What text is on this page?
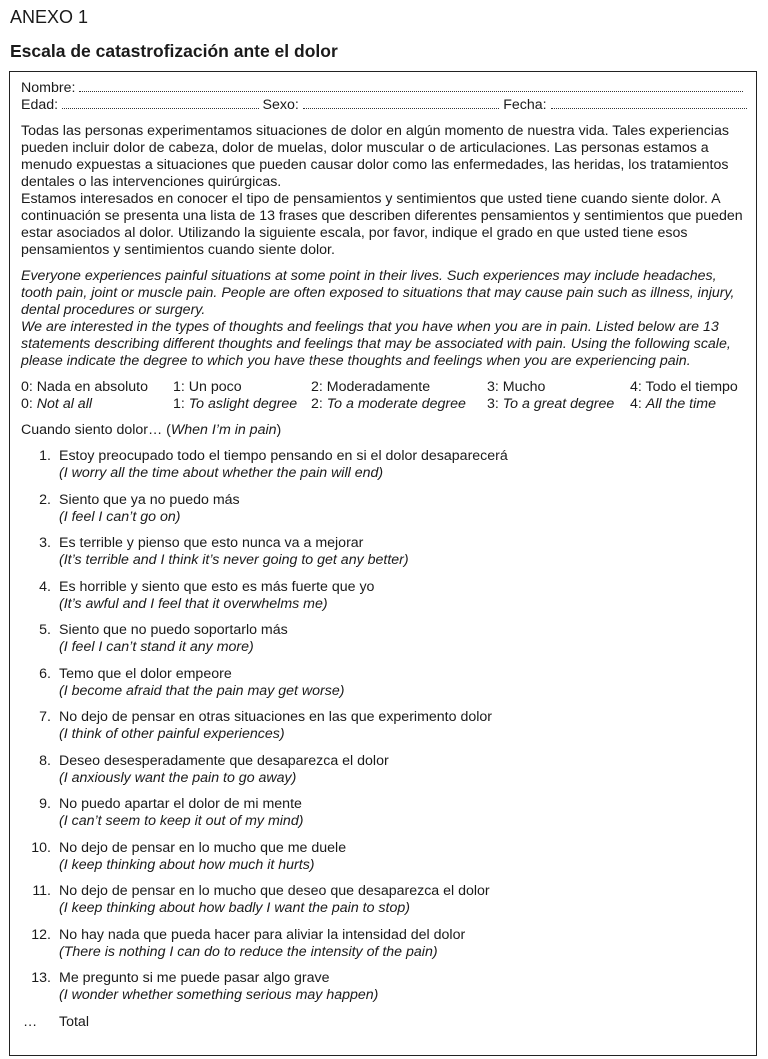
ANEXO 1
Escala de catastrofización ante el dolor
Nombre:
Edad:	Sexo:	Fecha:

Todas las personas experimentamos situaciones de dolor en algún momento de nuestra vida. Tales experiencias pueden incluir dolor de cabeza, dolor de muelas, dolor muscular o de articulaciones. Las personas estamos a menudo expuestas a situaciones que pueden causar dolor como las enfermedades, las heridas, los tratamientos dentales o las intervenciones quirúrgicas.

Estamos interesados en conocer el tipo de pensamientos y sentimientos que usted tiene cuando siente dolor. A continuación se presenta una lista de 13 frases que describen diferentes pensamientos y sentimientos que pueden estar asociados al dolor. Utilizando la siguiente escala, por favor, indique el grado en que usted tiene esos pensamientos y sentimientos cuando siente dolor.

Everyone experiences painful situations at some point in their lives. Such experiences may include headaches, tooth pain, joint or muscle pain. People are often exposed to situations that may cause pain such as illness, injury, dental procedures or surgery.

We are interested in the types of thoughts and feelings that you have when you are in pain. Listed below are 13 statements describing different thoughts and feelings that may be associated with pain. Using the following scale, please indicate the degree to which you have these thoughts and feelings when you are experiencing pain.

0: Nada en absoluto	1: Un poco	2: Moderadamente	3: Mucho	4: Todo el tiempo
0: Not al all	1: To aslight degree 2: To a moderate degree	3: To a great degree	4: All the time
Cuando siento dolor… (When I’m in pain)
1. Estoy preocupado todo el tiempo pensando en si el dolor desaparecerá
(I worry all the time about whether the pain will end)
2. Siento que ya no puedo más
(I feel I can’t go on)
3. Es terrible y pienso que esto nunca va a mejorar
(It’s terrible and I think it’s never going to get any better)
4. Es horrible y siento que esto es más fuerte que yo
(It’s awful and I feel that it overwhelms me)
5. Siento que no puedo soportarlo más
(I feel I can’t stand it any more)
6. Temo que el dolor empeore
(I become afraid that the pain may get worse)
7. No dejo de pensar en otras situaciones en las que experimento dolor
(I think of other painful experiences)
8. Deseo desesperadamente que desaparezca el dolor
(I anxiously want the pain to go away)
9. No puedo apartar el dolor de mi mente
(I can’t seem to keep it out of my mind)
10. No dejo de pensar en lo mucho que me duele
(I keep thinking about how much it hurts)
11. No dejo de pensar en lo mucho que deseo que desaparezca el dolor
(I keep thinking about how badly I want the pain to stop)
12. No hay nada que pueda hacer para aliviar la intensidad del dolor
(There is nothing I can do to reduce the intensity of the pain)
13. Me pregunto si me puede pasar algo grave
(I wonder whether something serious may happen)
…	Total
